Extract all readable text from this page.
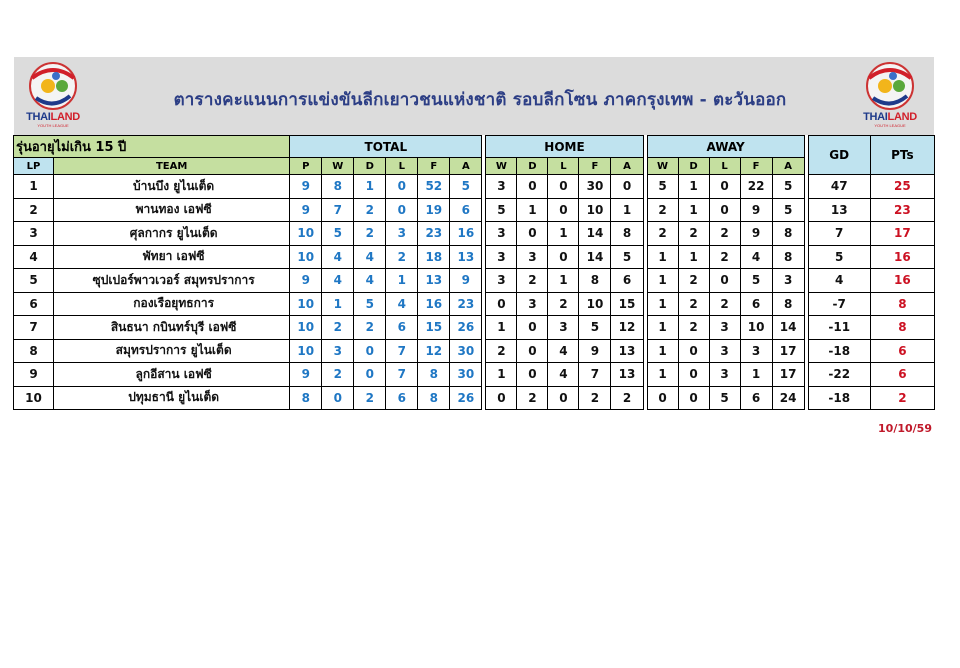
THAILAND
YOUTH LEAGUE
THAILAND
YOUTH LEAGUE
ตารางคะแนนการแข่งขันลีกเยาวชนแห่งชาติ รอบลีกโซน ภาคกรุงเทพ - ตะวันออก
รุ่นอายุไม่เกิน 15 ปี		TOTAL							HOME						AWAY						GD	PTs
LP	TEAM	P	W	D	L	F	A		W	D	L	F	A		W	D	L	F	A			
1	บ้านบึง ยูไนเต็ด	9	8	1	0	52	5		3	0	0	30	0		5	1	0	22	5		47	25
2	พานทอง เอฟซี	9	7	2	0	19	6		5	1	0	10	1		2	1	0	9	5		13	23
3	ศุลกากร ยูไนเต็ด	10	5	2	3	23	16		3	0	1	14	8		2	2	2	9	8		7	17
4	พัทยา เอฟซี	10	4	4	2	18	13		3	3	0	14	5		1	1	2	4	8		5	16
5	ซุปเปอร์พาวเวอร์ สมุทรปราการ	9	4	4	1	13	9		3	2	1	8	6		1	2	0	5	3		4	16
6	กองเรือยุทธการ	10	1	5	4	16	23		0	3	2	10	15		1	2	2	6	8		-7	8
7	สินธนา กบินทร์บุรี เอฟซี	10	2	2	6	15	26		1	0	3	5	12		1	2	3	10	14		-11	8
8	สมุทรปราการ ยูไนเต็ด	10	3	0	7	12	30		2	0	4	9	13		1	0	3	3	17		-18	6
9	ลูกอีสาน เอฟซี	9	2	0	7	8	30		1	0	4	7	13		1	0	3	1	17		-22	6
10	ปทุมธานี ยูไนเต็ด	8	0	2	6	8	26		0	2	0	2	2		0	0	5	6	24		-18	2
10/10/59
